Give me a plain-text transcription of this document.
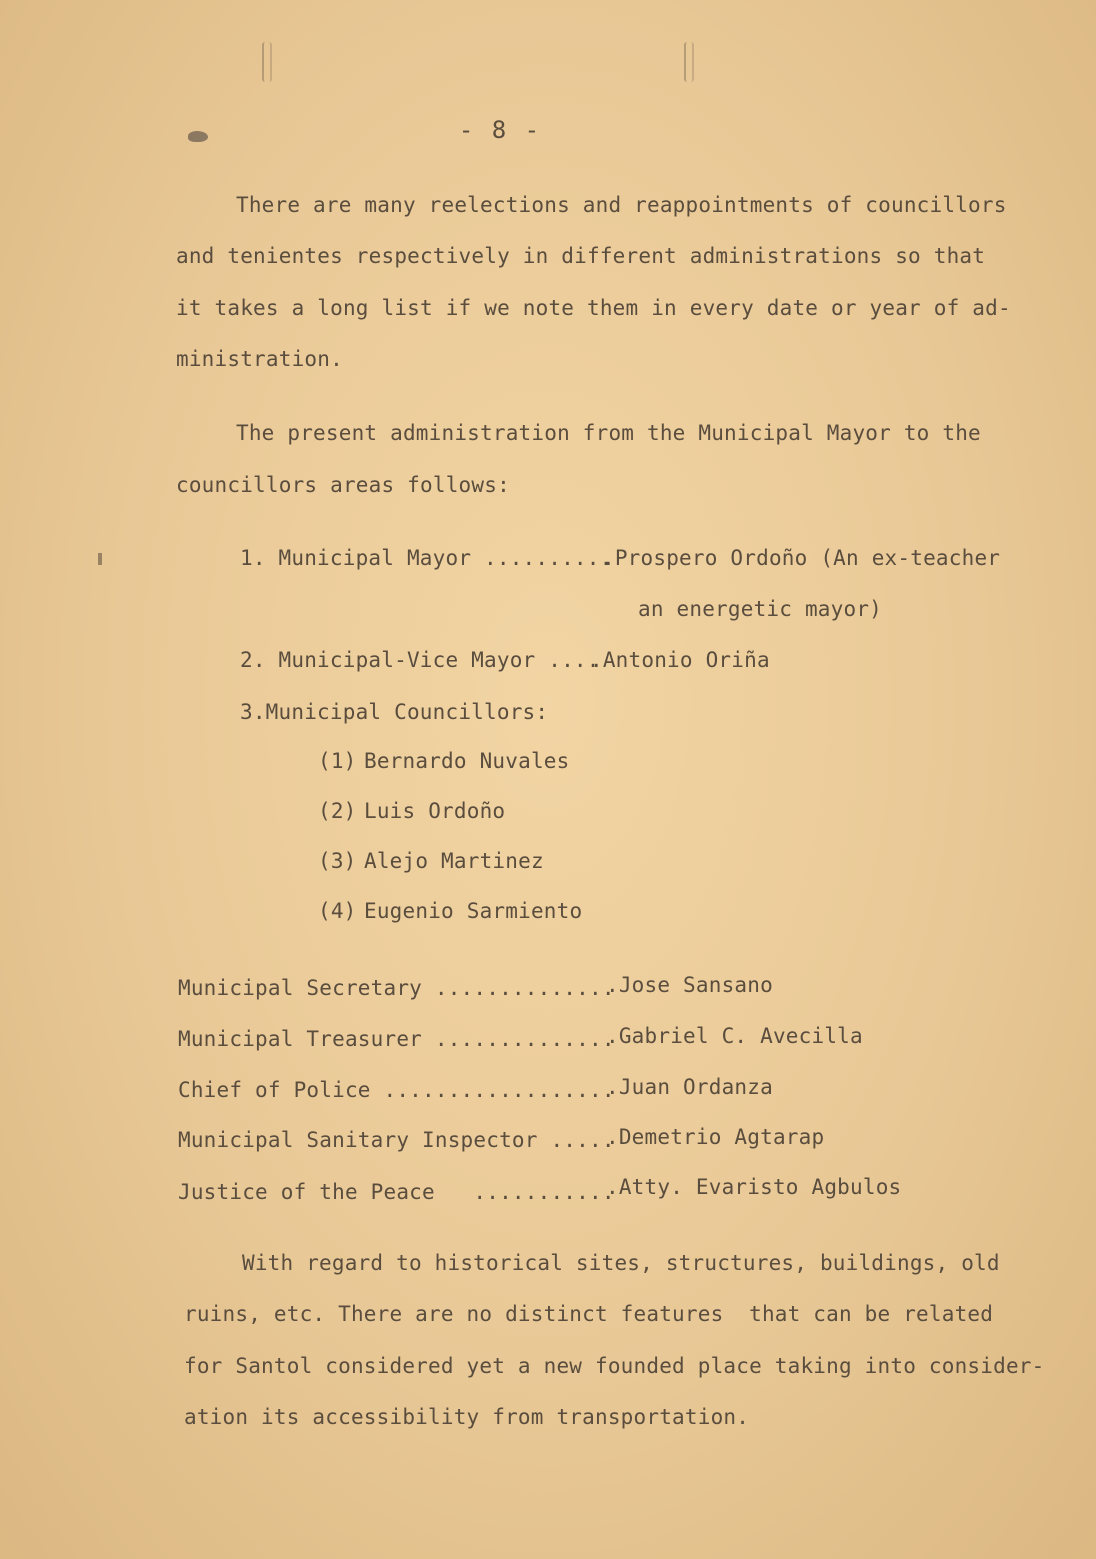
- 8 -
There are many reelections and reappointments of councillors
and tenientes respectively in different administrations so that
it takes a long list if we note them in every date or year of ad-
ministration.
The present administration from the Municipal Mayor to the
councillors areas follows:
1. Municipal Mayor ..........
.Prospero Ordoño (An ex-teacher
an energetic mayor)
2. Municipal-Vice Mayor ....
.Antonio Oriña
3.Municipal Councillors:
(1) Bernardo Nuvales
(2) Luis Ordoño
(3) Alejo Martinez
(4) Eugenio Sarmiento
Municipal Secretary ..............
.Jose Sansano
Municipal Treasurer ..............
.Gabriel C. Avecilla
Chief of Police ..................
.Juan Ordanza
Municipal Sanitary Inspector .....
.Demetrio Agtarap
Justice of the Peace   ...........
.Atty. Evaristo Agbulos
With regard to historical sites, structures, buildings, old
ruins, etc. There are no distinct features  that can be related
for Santol considered yet a new founded place taking into consider-
ation its accessibility from transportation.
